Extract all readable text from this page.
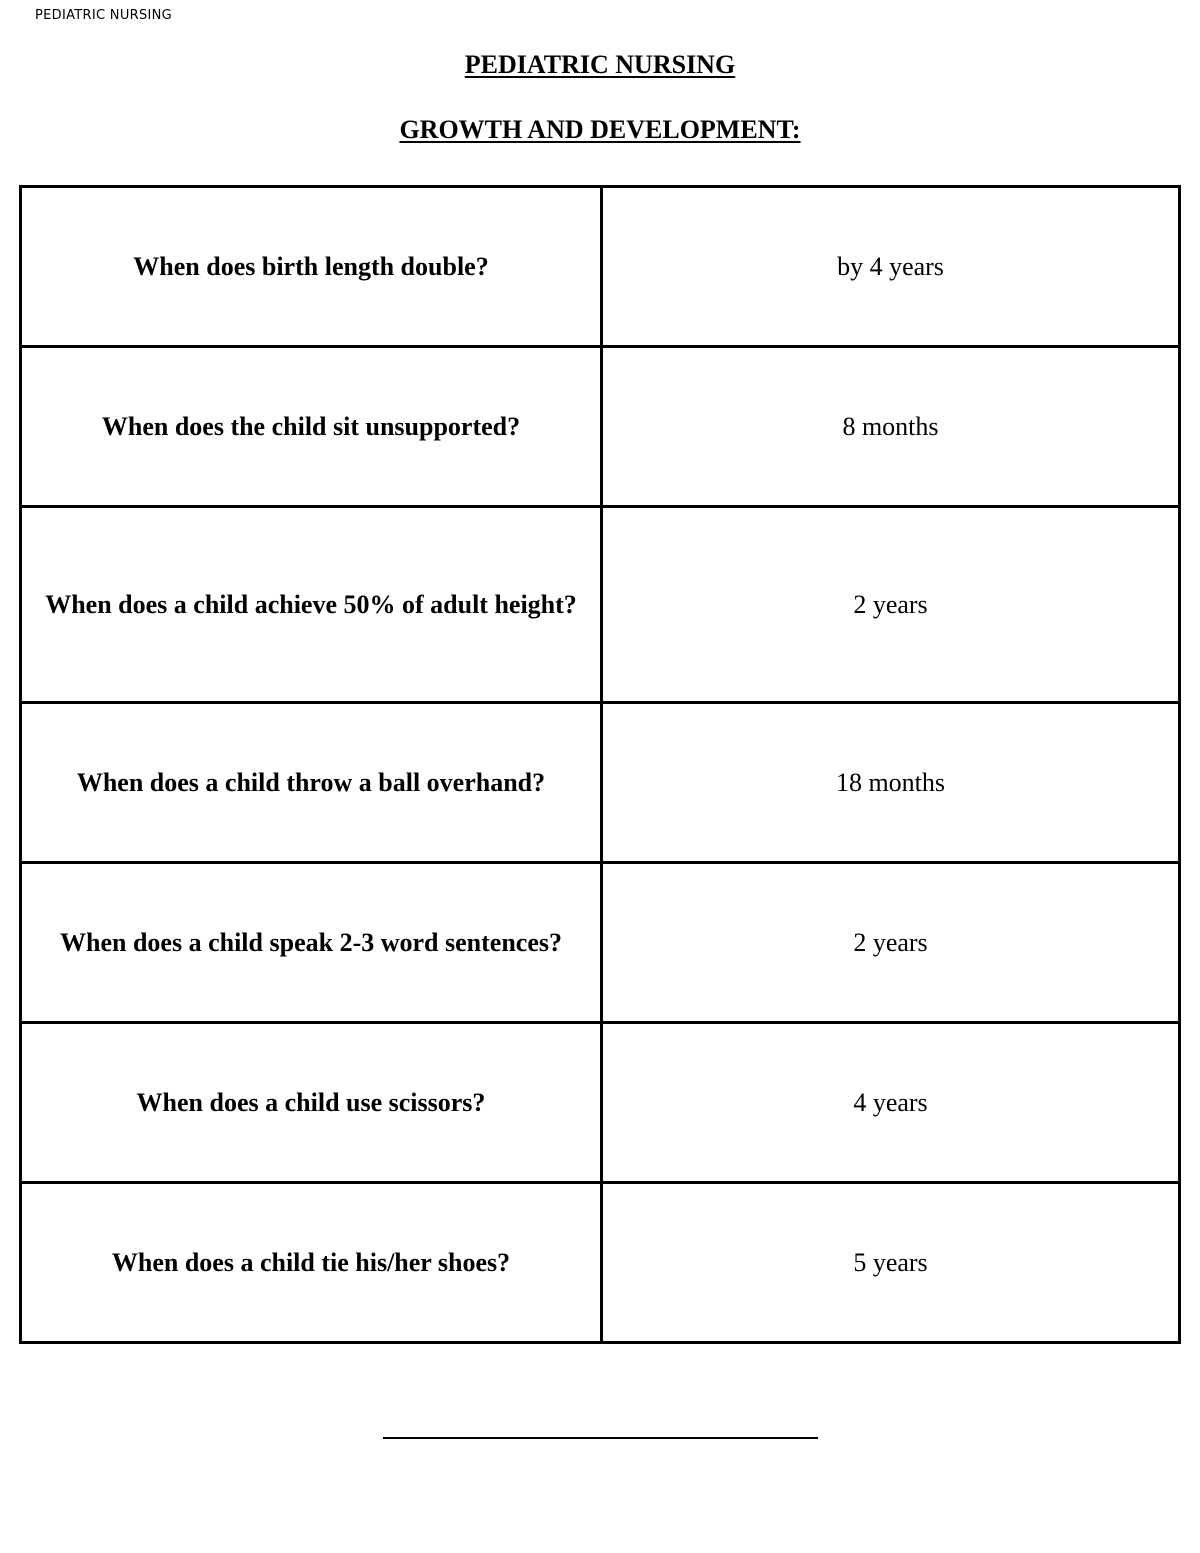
PEDIATRIC NURSING
PEDIATRIC NURSING
GROWTH AND DEVELOPMENT:
When does birth length double?	by 4 years
When does the child sit unsupported?	8 months
When does a child achieve 50% of adult height?	2 years
When does a child throw a ball overhand?	18 months
When does a child speak 2-3 word sentences?	2 years
When does a child use scissors?	4 years
When does a child tie his/her shoes?	5 years
